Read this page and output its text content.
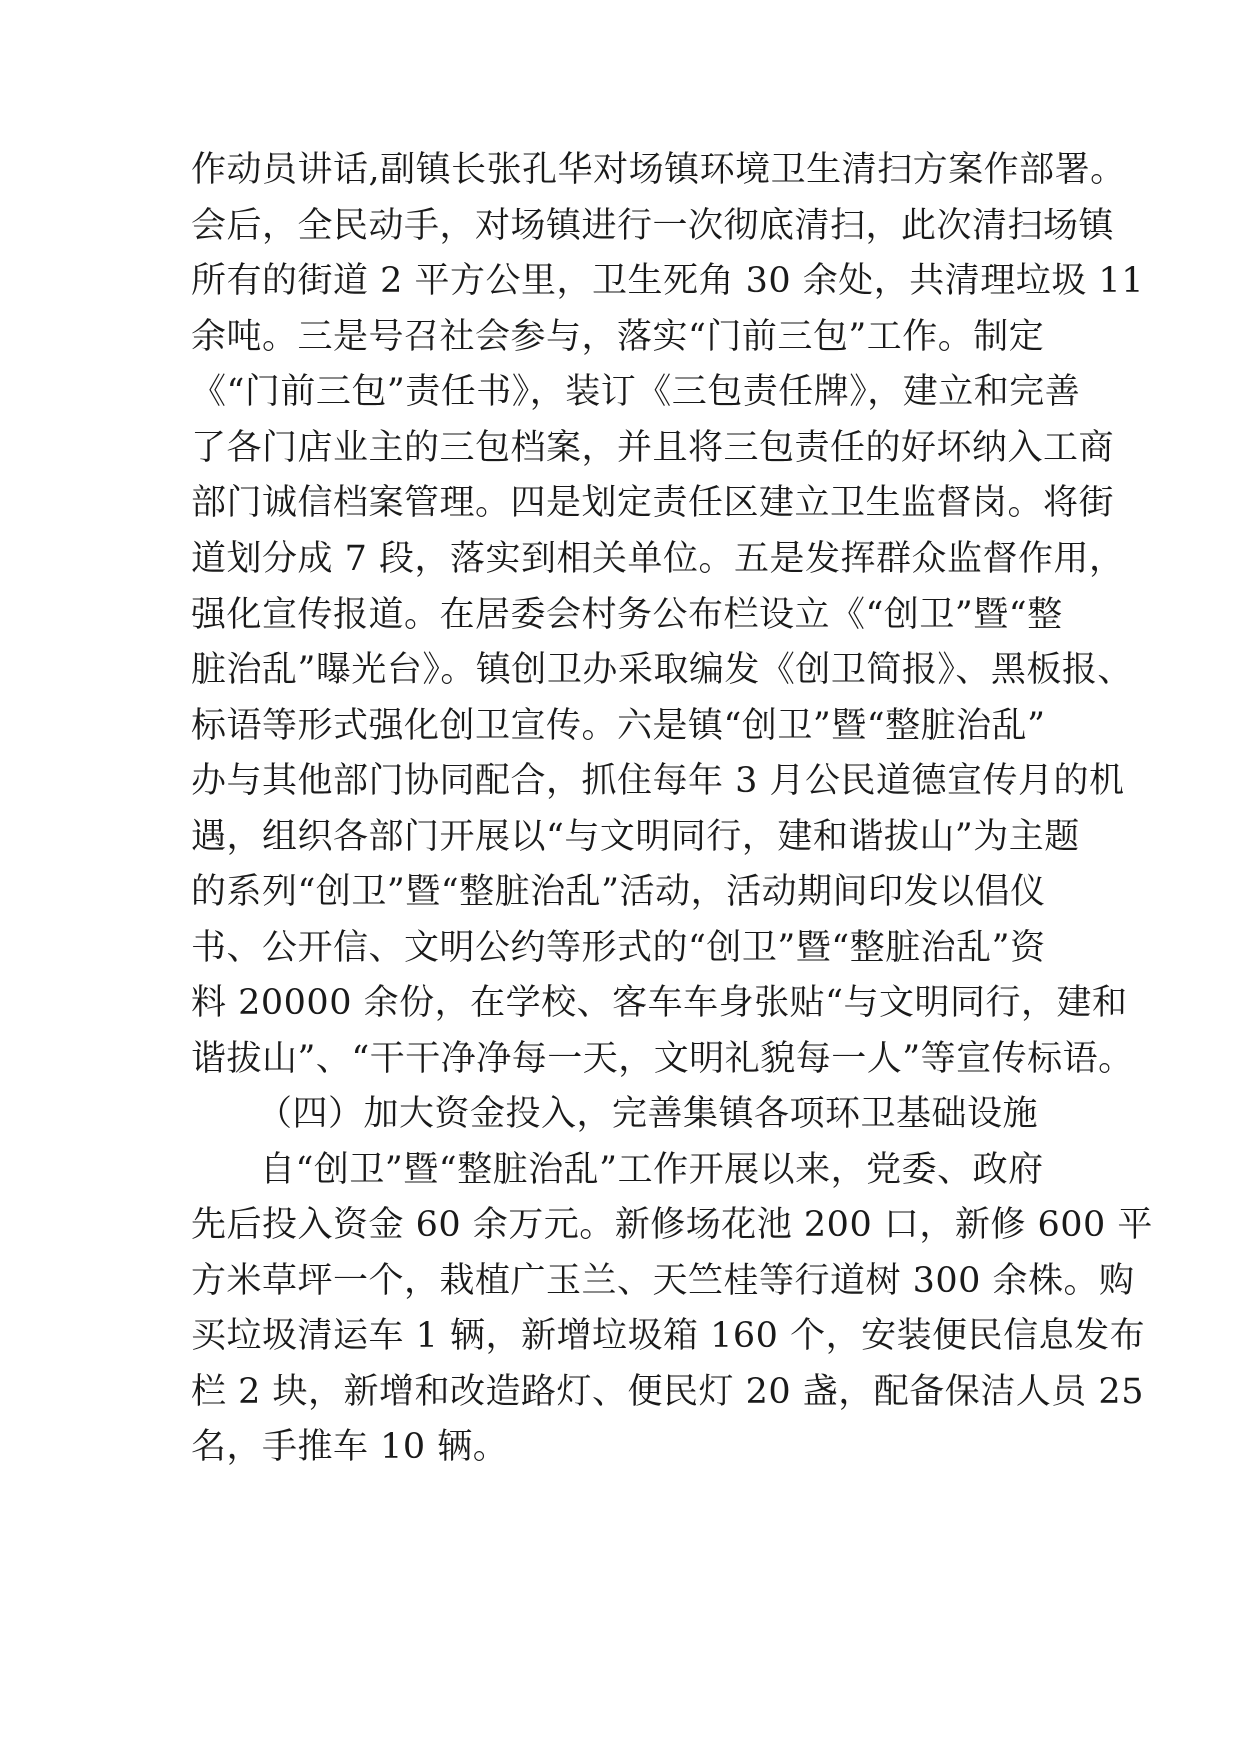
作动员讲话,副镇长张孔华对场镇环境卫生清扫方案作部署。
会后，全民动手，对场镇进行一次彻底清扫，此次清扫场镇
所有的街道 2 平方公里，卫生死角 30 余处，共清理垃圾 11
余吨。三是号召社会参与，落实“门前三包”工作。制定
《“门前三包”责任书》，装订《三包责任牌》，建立和完善
了各门店业主的三包档案，并且将三包责任的好坏纳入工商
部门诚信档案管理。四是划定责任区建立卫生监督岗。将街
道划分成 7 段，落实到相关单位。五是发挥群众监督作用，
强化宣传报道。在居委会村务公布栏设立《“创卫”暨“整
脏治乱”曝光台》。镇创卫办采取编发《创卫简报》、黑板报、
标语等形式强化创卫宣传。六是镇“创卫”暨“整脏治乱”
办与其他部门协同配合，抓住每年 3 月公民道德宣传月的机
遇，组织各部门开展以“与文明同行，建和谐拔山”为主题
的系列“创卫”暨“整脏治乱”活动，活动期间印发以倡仪
书、公开信、文明公约等形式的“创卫”暨“整脏治乱”资
料 20000 余份，在学校、客车车身张贴“与文明同行，建和
谐拔山”、“干干净净每一天，文明礼貌每一人”等宣传标语。
（四）加大资金投入，完善集镇各项环卫基础设施
自“创卫”暨“整脏治乱”工作开展以来，党委、政府
先后投入资金 60 余万元。新修场花池 200 口，新修 600 平
方米草坪一个，栽植广玉兰、天竺桂等行道树 300 余株。购
买垃圾清运车 1 辆，新增垃圾箱 160 个，安装便民信息发布
栏 2 块，新增和改造路灯、便民灯 20 盏，配备保洁人员 25
名，手推车 10 辆。
